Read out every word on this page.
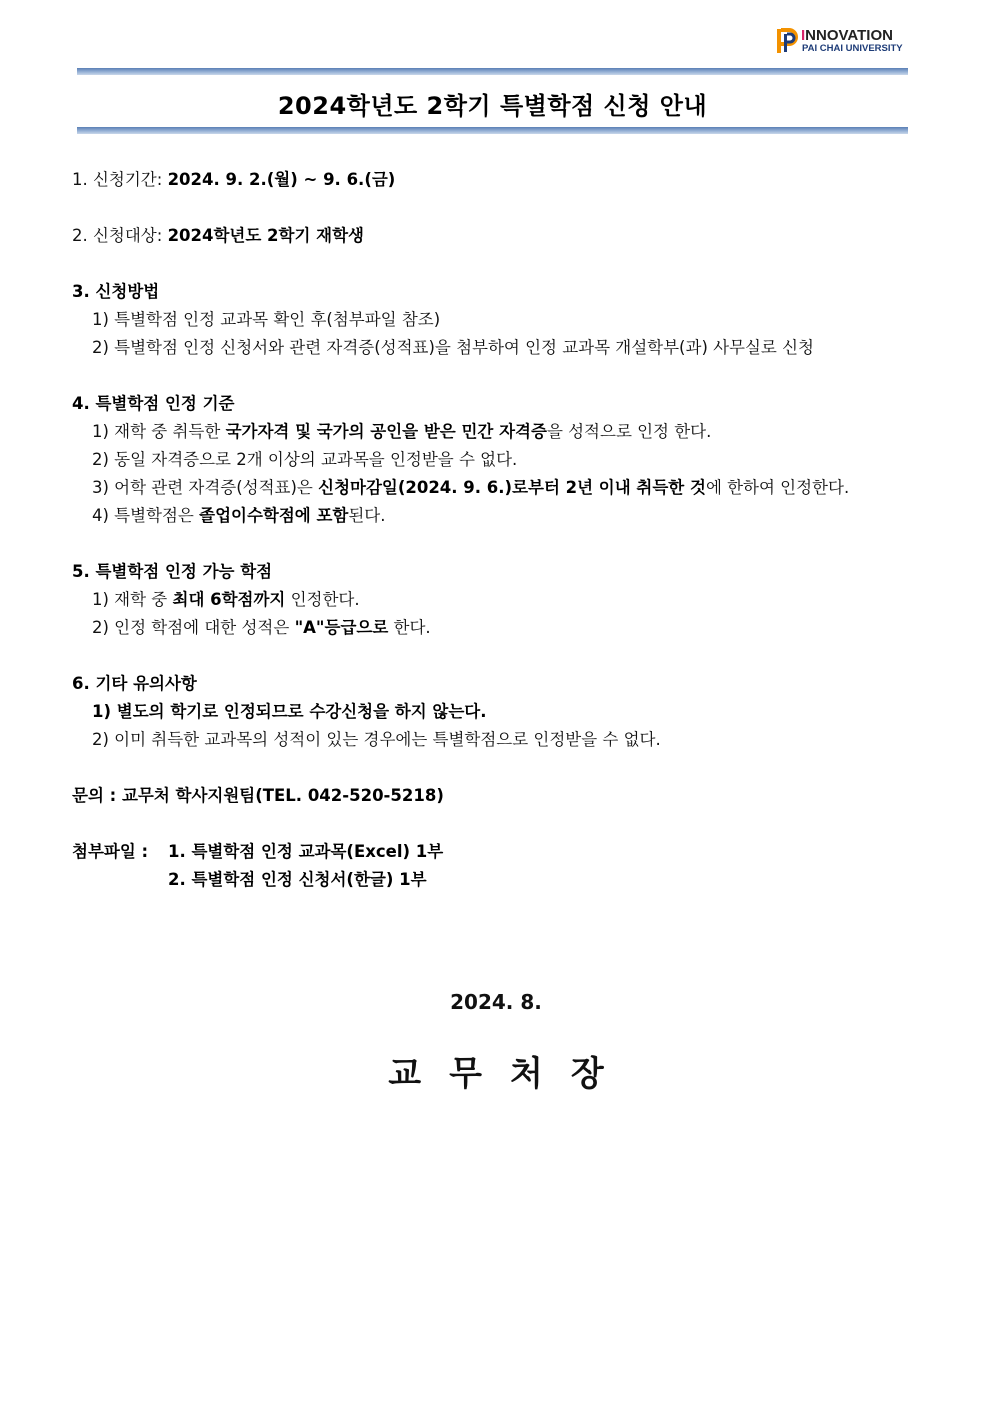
INNOVATION
PAI CHAI UNIVERSITY
2024학년도 2학기 특별학점 신청 안내
1. 신청기간: 2024. 9. 2.(월) ~ 9. 6.(금)
2. 신청대상: 2024학년도 2학기 재학생
3. 신청방법
1) 특별학점 인정 교과목 확인 후(첨부파일 참조)
2) 특별학점 인정 신청서와 관련 자격증(성적표)을 첨부하여 인정 교과목 개설학부(과) 사무실로 신청
4. 특별학점 인정 기준
1) 재학 중 취득한 국가자격 및 국가의 공인을 받은 민간 자격증을 성적으로 인정 한다.
2) 동일 자격증으로 2개 이상의 교과목을 인정받을 수 없다.
3) 어학 관련 자격증(성적표)은 신청마감일(2024. 9. 6.)로부터 2년 이내 취득한 것에 한하여 인정한다.
4) 특별학점은 졸업이수학점에 포함된다.
5. 특별학점 인정 가능 학점
1) 재학 중 최대 6학점까지 인정한다.
2) 인정 학점에 대한 성적은 "A"등급으로 한다.
6. 기타 유의사항
1) 별도의 학기로 인정되므로 수강신청을 하지 않는다.
2) 이미 취득한 교과목의 성적이 있는 경우에는 특별학점으로 인정받을 수 없다.
문의 : 교무처 학사지원팀(TEL. 042-520-5218)
첨부파일 : 1. 특별학점 인정 교과목(Excel) 1부
2. 특별학점 인정 신청서(한글) 1부
2024. 8.
교무처장
